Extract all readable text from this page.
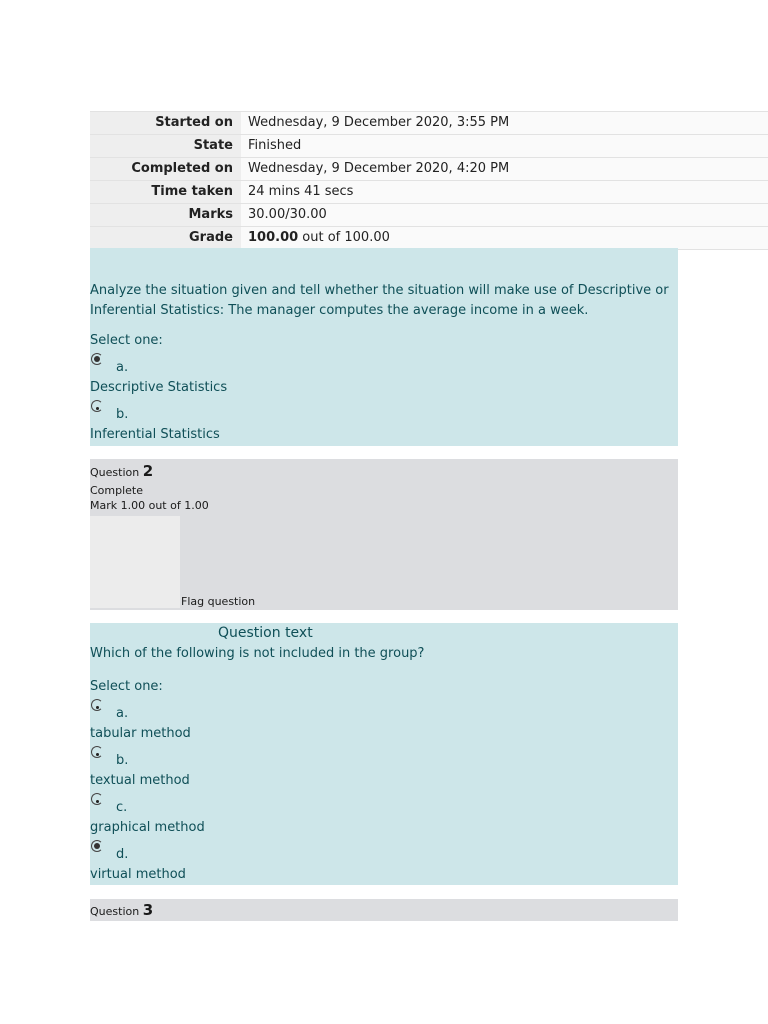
Started on	Wednesday, 9 December 2020, 3:55 PM
State	Finished
Completed on	Wednesday, 9 December 2020, 4:20 PM
Time taken	24 mins 41 secs
Marks	30.00/30.00
Grade	100.00 out of 100.00
Analyze the situation given and tell whether the situation will make use of Descriptive or Inferential Statistics: The manager computes the average income in a week.
Select one:
a.
Descriptive Statistics
b.
Inferential Statistics
Question 2
Complete
Mark 1.00 out of 1.00
Flag question
Question text
Which of the following is not included in the group?
Select one:
a.
tabular method
b.
textual method
c.
graphical method
d.
virtual method
Question 3
